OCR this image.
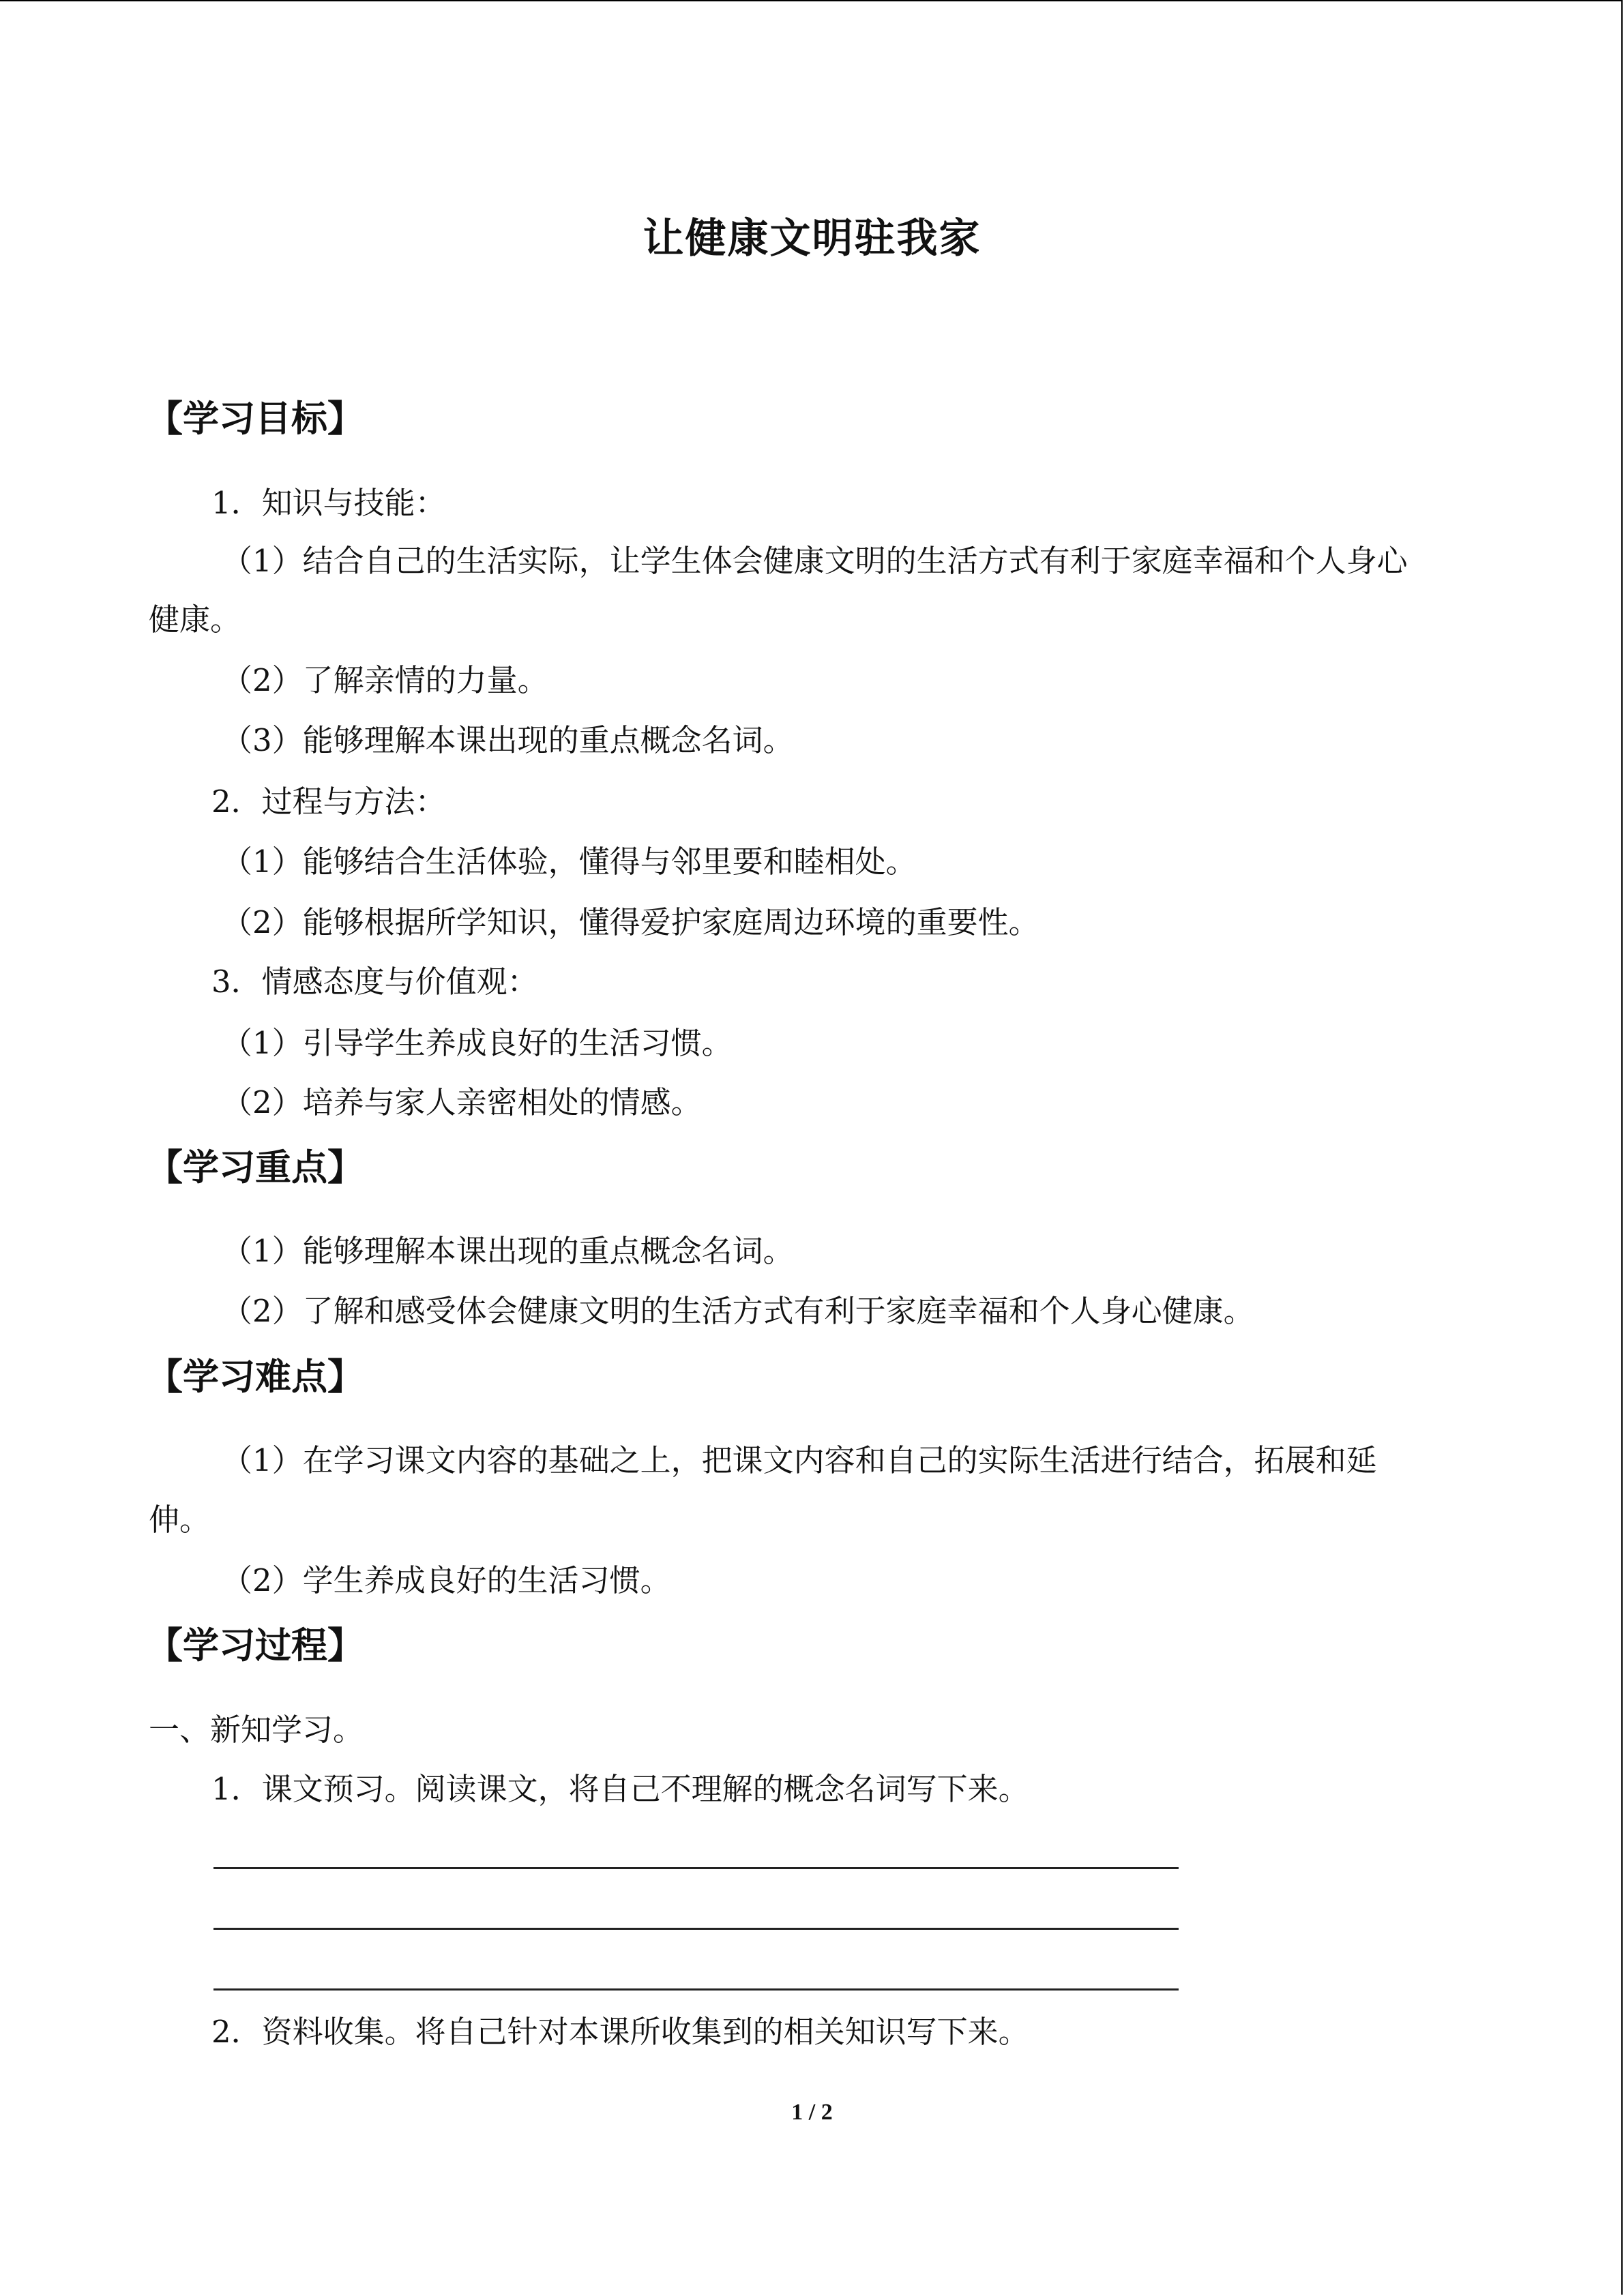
让健康文明驻我家
【学习目标】
1．知识与技能：
（1）结合自己的生活实际，让学生体会健康文明的生活方式有利于家庭幸福和个人身心
健康。
（2）了解亲情的力量。
（3）能够理解本课出现的重点概念名词。
2．过程与方法：
（1）能够结合生活体验，懂得与邻里要和睦相处。
（2）能够根据所学知识，懂得爱护家庭周边环境的重要性。
3．情感态度与价值观：
（1）引导学生养成良好的生活习惯。
（2）培养与家人亲密相处的情感。
【学习重点】
（1）能够理解本课出现的重点概念名词。
（2）了解和感受体会健康文明的生活方式有利于家庭幸福和个人身心健康。
【学习难点】
（1）在学习课文内容的基础之上，把课文内容和自己的实际生活进行结合，拓展和延
伸。
（2）学生养成良好的生活习惯。
【学习过程】
一、新知学习。
1．课文预习。阅读课文，将自己不理解的概念名词写下来。
2．资料收集。将自己针对本课所收集到的相关知识写下来。
1 / 2
